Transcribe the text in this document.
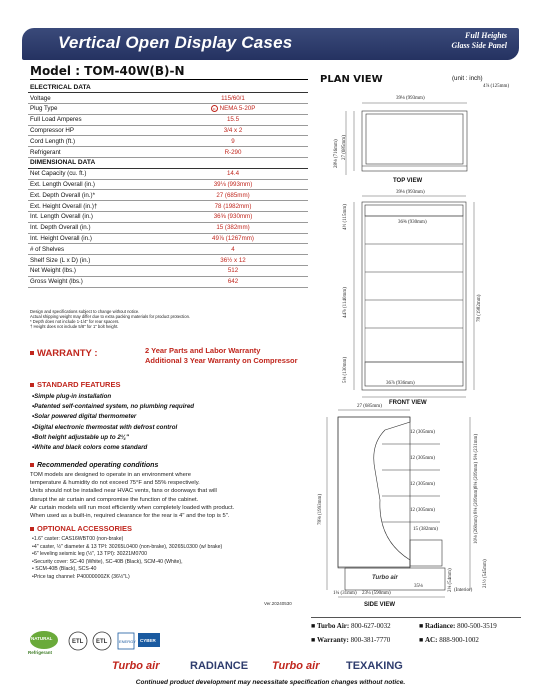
Vertical Open Display Cases	Full Heights
Glass Side Panel
Model : TOM-40W(B)-N
ELECTRICAL DATA	
Voltage	115/60/1
Plug Type	•• NEMA 5-20P
Full Load Amperes	15.5
Compressor HP	3/4 x 2
Cord Length (ft.)	9
Refrigerant	R-290
DIMENSIONAL DATA	
Net Capacity (cu. ft.)	14.4
Ext. Length Overall (in.)	39⅛ (993mm)
Ext. Depth Overall (in.)*	27 (685mm)
Ext. Height Overall (in.)†	78 (1982mm)
Int. Length Overall (in.)	36⅝ (930mm)
Int. Depth Overall (in.)	15 (382mm)
Int. Height Overall (in.)	49⅞ (1267mm)
# of Shelves	4
Shelf Size (L x D) (in.)	36½ x 12
Net Weight (lbs.)	512
Gross Weight (lbs.)	642
Design and specifications subject to change without notice.
Actual shipping weight may differ due to extra packing materials for product protection.
* Depth does not include 1-1/4" for rear spacers.
† Height does not include 5/8" for 1" bolt height.
WARRANTY :	2 Year Parts and Labor Warranty
Additional 3 Year Warranty on Compressor
STANDARD FEATURES
• Simple plug-in installation
• Patented self-contained system, no plumbing required
• Solar powered digital thermometer
• Digital electronic thermostat with defrost control
• Bolt height adjustable up to 2¼"
• White and black colors come standard
Recommended operating conditions
TOM models are designed to operate in an environment where
temperature & humidity do not exceed 75°F and 55% respectively.
Units should not be installed near HVAC vents, fans or doorways that will
disrupt the air curtain and compromise the function of the cabinet.
Air curtain models will run most efficiently when completely loaded with product.
When used as a built-in, required clearance for the rear is 4" and the top is 5".
OPTIONAL ACCESSORIES
• 1.6" caster: CAS16WBT00 (non-brake)
• 4" caster, ½" diameter & 13 TPI: 30265L0400 (non-brake), 30265L0300 (w/ brake)
• 6" leveling seismic leg (½", 13 TPI): 30221M0700
• Security cover: SC-40 (White), SC-40B (Black), SCM-40 (White),
• SCM-40B (Black), SCS-40
• Price tag channel: P40000000ZK (36½"L)
PLAN VIEW	(unit : inch)
Turbo air
TOP VIEW
FRONT VIEW
SIDE VIEW
39⅛ (993mm)
4⅞ (125mm)
28⅛ (716mm) 27 (685mm)
39⅛ (993mm)
36⅝ (930mm)
4½ (115mm)
44⅞ (1140mm)
5⅛ (130mm)
78 (1982mm)
36⅞ (936mm)
27 (685mm)
78⅜ (1993mm)
12 (305mm)
12 (305mm)
12 (305mm)
12 (305mm)
15 (382mm)
1¼ (31mm) 23¼ (590mm)
35⅛
9⅛ (231mm)
8⅛ (209mm)
8⅛ (209mm)
10⅛ (260mm)
21½ (545mm)
2⅛ (54mm) (Interior)
Ver.20240530
NATURAL
Refrigerant
ETL ETL	ENERGY CYBER
■ Turbo Air: 800-627-0032	■ Radiance: 800-500-3519
■ Warranty: 800-381-7770	■ AC: 888-900-1002
Turbo air	RADIANCE Turbo air TEXAKING
Continued product development may necessitate specification changes without notice.
